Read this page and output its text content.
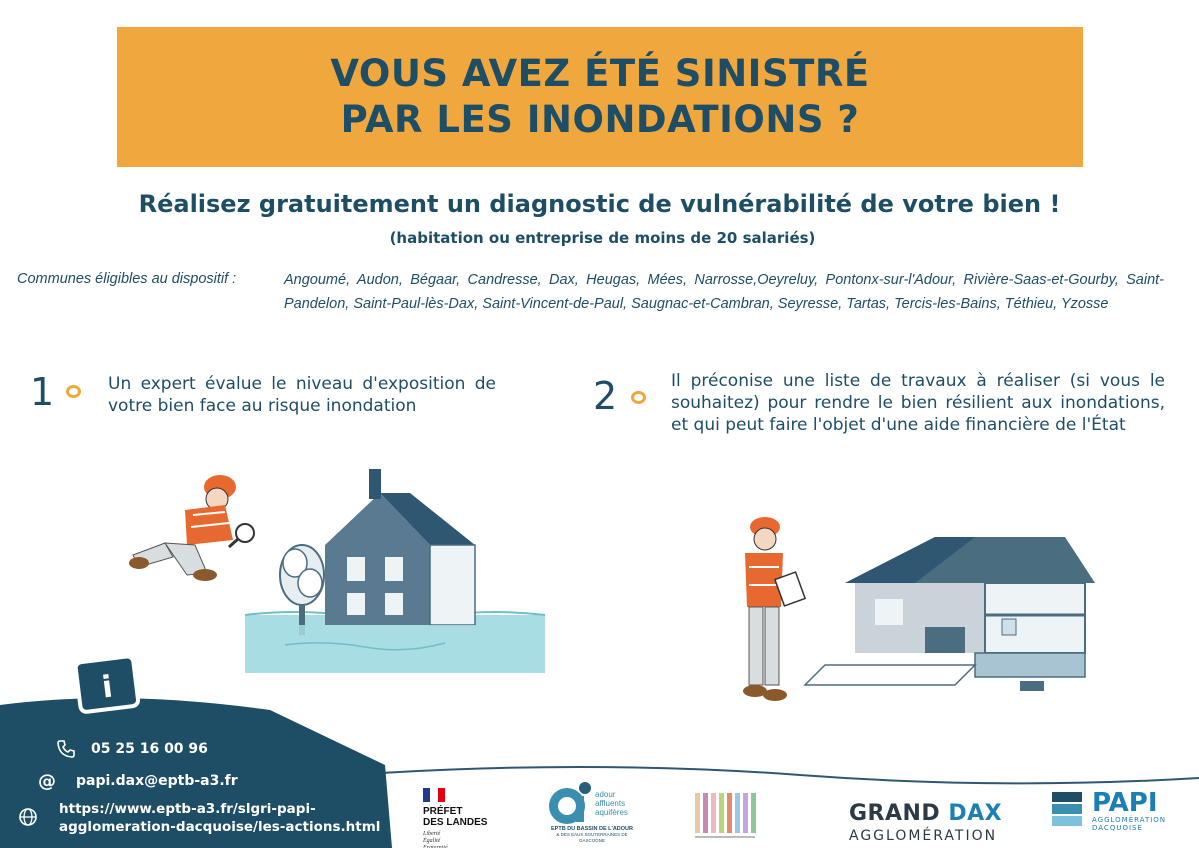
VOUS AVEZ ÉTÉ SINISTRÉ
PAR LES INONDATIONS ?
Réalisez gratuitement un diagnostic de vulnérabilité de votre bien !
(habitation ou entreprise de moins de 20 salariés)
Communes éligibles au dispositif :	Angoumé, Audon, Bégaar, Candresse, Dax, Heugas, Mées, Narrosse,Oeyreluy, Pontonx-sur-l'Adour, Rivière-Saas-et-Gourby, Saint-Pandelon, Saint-Paul-lès-Dax, Saint-Vincent-de-Paul, Saugnac-et-Cambran, Seyresse, Tartas, Tercis-les-Bains, Téthieu, Yzosse
1	Un expert évalue le niveau d'exposition de votre bien face au risque inondation	2	Il préconise une liste de travaux à réaliser (si vous le souhaitez) pour rendre le bien résilient aux inondations, et qui peut faire l'objet d'une aide financière de l'État
i
05 25 16 00 96
@ papi.dax@eptb-a3.fr
https://www.eptb-a3.fr/slgri-papi-
agglomeration-dacquoise/les-actions.html
PRÉFET
DES LANDES
Liberté
Égalité
Fraternité
adour
affluents
aquifères
EPTB DU BASSIN DE L'ADOUR
& DES EAUX SOUTERRAINES DE GASCOGNE
GRAND DAX
AGGLOMÉRATION
PAPI
AGGLOMÉRATION
DACQUOISE
